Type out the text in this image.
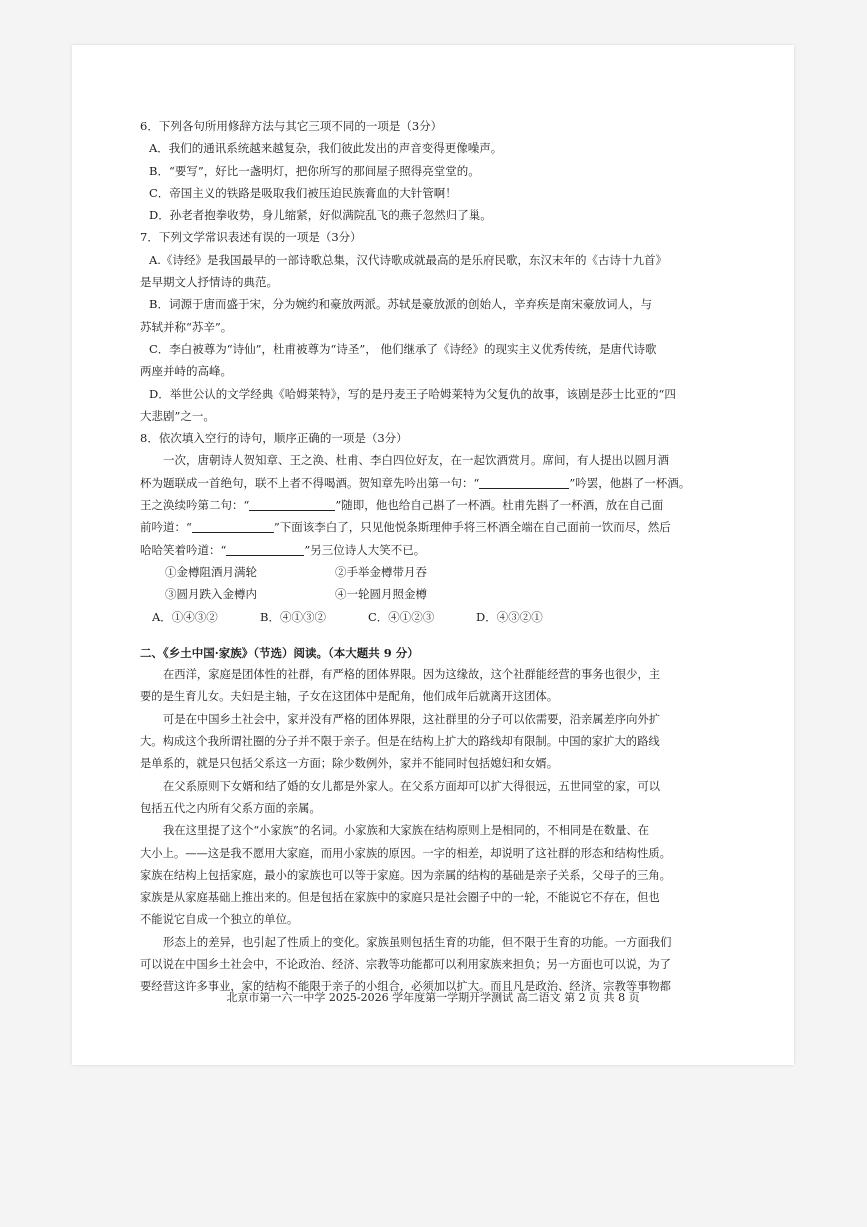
6．下列各句所用修辞方法与其它三项不同的一项是（3分）
A．我们的通讯系统越来越复杂，我们彼此发出的声音变得更像噪声。
B．“要写”，好比一盏明灯，把你所写的那间屋子照得亮堂堂的。
C．帝国主义的铁路是吸取我们被压迫民族膏血的大针管啊！
D．孙老者抱拳收势，身儿缩紧，好似满院乱飞的燕子忽然归了巢。
7．下列文学常识表述有误的一项是（3分）
A.《诗经》是我国最早的一部诗歌总集，汉代诗歌成就最高的是乐府民歌，东汉末年的《古诗十九首》
是早期文人抒情诗的典范。
B．词源于唐而盛于宋，分为婉约和豪放两派。苏轼是豪放派的创始人，辛弃疾是南宋豪放词人，与
苏轼并称“苏辛”。
C．李白被尊为“诗仙”，杜甫被尊为“诗圣”， 他们继承了《诗经》的现实主义优秀传统，是唐代诗歌
两座并峙的高峰。
D．举世公认的文学经典《哈姆莱特》，写的是丹麦王子哈姆莱特为父复仇的故事，该剧是莎士比亚的“四
大悲剧”之一。
8．依次填入空行的诗句，顺序正确的一项是（3分）
一次，唐朝诗人贺知章、王之涣、杜甫、李白四位好友，在一起饮酒赏月。席间，有人提出以圆月酒
杯为题联成一首绝句，联不上者不得喝酒。贺知章先吟出第一句：“	”吟罢，他斟了一杯酒。
王之涣续吟第二句：“	”随即，他也给自己斟了一杯酒。杜甫先斟了一杯酒，放在自己面
前吟道：“	”下面该李白了，只见他悦条斯理伸手将三杯酒全端在自己面前一饮而尽，然后
哈哈笑着吟道：“	”另三位诗人大笑不已。
①金樽阻酒月满轮	②手举金樽带月吞
③圆月跌入金樽内	④一轮圆月照金樽
A．①④③②	B．④①③②	C．④①②③	D．④③②①
二、《乡土中国·家族》（节选）阅读。（本大题共 9 分）
在西洋，家庭是团体性的社群，有严格的团体界限。因为这缘故，这个社群能经营的事务也很少，主
要的是生育儿女。夫妇是主轴，子女在这团体中是配角，他们成年后就离开这团体。
可是在中国乡土社会中，家并没有严格的团体界限，这社群里的分子可以依需要，沿亲属差序向外扩
大。构成这个我所谓社圈的分子并不限于亲子。但是在结构上扩大的路线却有限制。中国的家扩大的路线
是单系的，就是只包括父系这一方面；除少数例外，家并不能同时包括媳妇和女婿。
在父系原则下女婿和结了婚的女儿都是外家人。在父系方面却可以扩大得很远，五世同堂的家，可以
包括五代之内所有父系方面的亲属。
我在这里提了这个“小家族”的名词。小家族和大家族在结构原则上是相同的，不相同是在数量、在
大小上。——这是我不愿用大家庭，而用小家族的原因。一字的相差，却说明了这社群的形态和结构性质。
家族在结构上包括家庭，最小的家族也可以等于家庭。因为亲属的结构的基础是亲子关系，父母子的三角。
家族是从家庭基础上推出来的。但是包括在家族中的家庭只是社会圈子中的一轮，不能说它不存在，但也
不能说它自成一个独立的单位。
形态上的差异，也引起了性质上的变化。家族虽则包括生育的功能，但不限于生育的功能。一方面我们
可以说在中国乡土社会中，不论政治、经济、宗教等功能都可以利用家族来担负；另一方面也可以说，为了
要经营这许多事业，家的结构不能限于亲子的小组合，必须加以扩大。而且凡是政治、经济、宗教等事物都
北京市第一六一中学 2025-2026 学年度第一学期开学测试 高二语文 第 2 页 共 8 页
